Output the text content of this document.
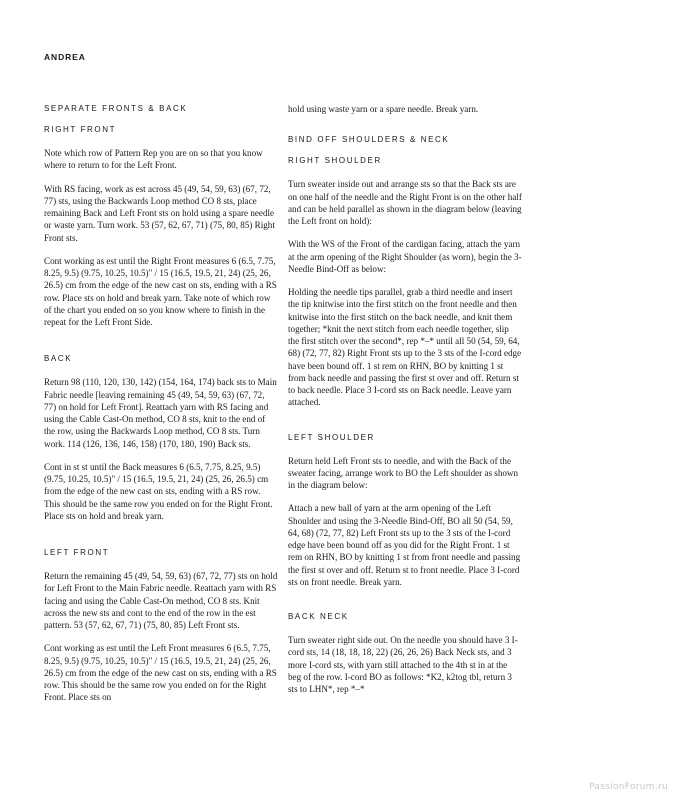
ANDREA

SEPARATE FRONTS & BACK

RIGHT FRONT

Note which row of Pattern Rep you are on so that you know where to return to for the Left Front.

With RS facing, work as est across 45 (49, 54, 59, 63) (67, 72, 77) sts, using the Backwards Loop method CO 8 sts, place remaining Back and Left Front sts on hold using a spare needle or waste yarn. Turn work. 53 (57, 62, 67, 71) (75, 80, 85) Right Front sts.

Cont working as est until the Right Front measures 6 (6.5, 7.75, 8.25, 9.5) (9.75, 10.25, 10.5)" / 15 (16.5, 19.5, 21, 24) (25, 26, 26.5) cm from the edge of the new cast on sts, ending with a RS row. Place sts on hold and break yarn. Take note of which row of the chart you ended on so you know where to finish in the repeat for the Left Front Side.

BACK

Return 98 (110, 120, 130, 142) (154, 164, 174) back sts to Main Fabric needle [leaving remaining 45 (49, 54, 59, 63) (67, 72, 77) on hold for Left Front]. Reattach yarn with RS facing and using the Cable Cast-On method, CO 8 sts, knit to the end of the row, using the Backwards Loop method, CO 8 sts. Turn work. 114 (126, 136, 146, 158) (170, 180, 190) Back sts.

Cont in st st until the Back measures 6 (6.5, 7.75, 8.25, 9.5) (9.75, 10.25, 10.5)" / 15 (16.5, 19.5, 21, 24) (25, 26, 26.5) cm from the edge of the new cast on sts, ending with a RS row. This should be the same row you ended on for the Right Front. Place sts on hold and break yarn.

LEFT FRONT

Return the remaining 45 (49, 54, 59, 63) (67, 72, 77) sts on hold for Left Front to the Main Fabric needle. Reattach yarn with RS facing and using the Cable Cast-On method, CO 8 sts. Knit across the new sts and cont to the end of the row in the est pattern. 53 (57, 62, 67, 71) (75, 80, 85) Left Front sts.

Cont working as est until the Left Front measures 6 (6.5, 7.75, 8.25, 9.5) (9.75, 10.25, 10.5)" / 15 (16.5, 19.5, 21, 24) (25, 26, 26.5) cm from the edge of the new cast on sts, ending with a RS row. This should be the same row you ended on for the Right Front. Place sts on

hold using waste yarn or a spare needle. Break yarn.

BIND OFF SHOULDERS & NECK

RIGHT SHOULDER

Turn sweater inside out and arrange sts so that the Back sts are on one half of the needle and the Right Front is on the other half and can be held parallel as shown in the diagram below (leaving the Left front on hold):

With the WS of the Front of the cardigan facing, attach the yarn at the arm opening of the Right Shoulder (as worn), begin the 3-Needle Bind-Off as below:

Holding the needle tips parallel, grab a third needle and insert the tip knitwise into the first stitch on the front needle and then knitwise into the first stitch on the back needle, and knit them together; *knit the next stitch from each needle together, slip the first stitch over the second*, rep *–* until all 50 (54, 59, 64, 68) (72, 77, 82) Right Front sts up to the 3 sts of the I-cord edge have been bound off. 1 st rem on RHN, BO by knitting 1 st from back needle and passing the first st over and off. Return st to back needle. Place 3 I-cord sts on Back needle. Leave yarn attached.

LEFT SHOULDER

Return held Left Front sts to needle, and with the Back of the sweater facing, arrange work to BO the Left shoulder as shown in the diagram below:

Attach a new ball of yarn at the arm opening of the Left Shoulder and using the 3-Needle Bind-Off, BO all 50 (54, 59, 64, 68) (72, 77, 82) Left Front sts up to the 3 sts of the I-cord edge have been bound off as you did for the Right Front. 1 st rem on RHN, BO by knitting 1 st from front needle and passing the first st over and off. Return st to front needle. Place 3 I-cord sts on front needle. Break yarn.

BACK NECK

Turn sweater right side out. On the needle you should have 3 I-cord sts, 14 (18, 18, 18, 22) (26, 26, 26) Back Neck sts, and 3 more I-cord sts, with yarn still attached to the 4th st in at the beg of the row. I-cord BO as follows: *K2, k2tog tbl, return 3 sts to LHN*, rep *–*

PassionForum.ru
